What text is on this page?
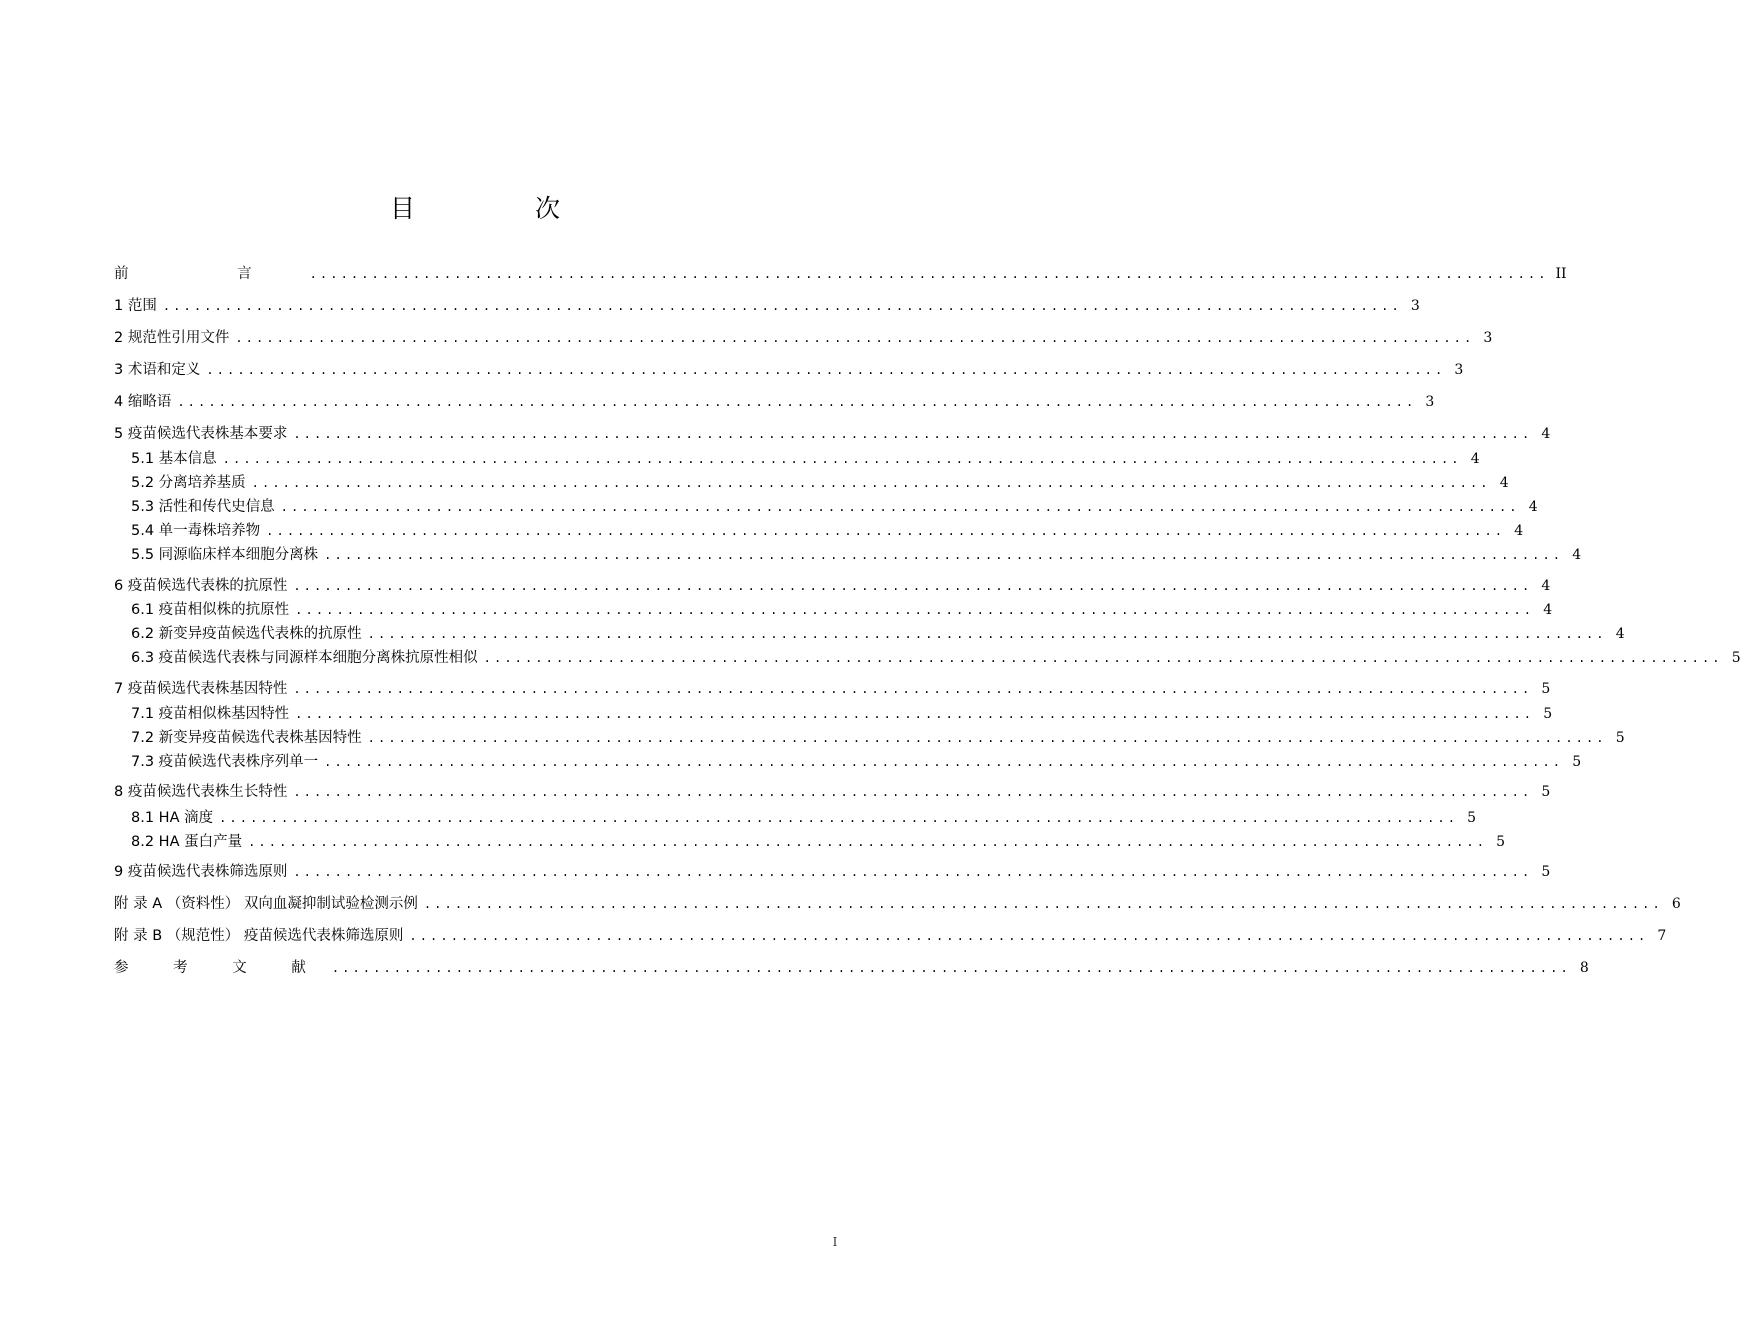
目 次
前 言 ........................................................................................................................ II
1 范围 ........................................................................................................................ 3
2 规范性引用文件 ........................................................................................................................ 3
3 术语和定义 ........................................................................................................................ 3
4 缩略语 ........................................................................................................................ 3
5 疫苗候选代表株基本要求 ........................................................................................................................ 4
5.1 基本信息 ........................................................................................................................ 4
5.2 分离培养基质 ........................................................................................................................ 4
5.3 活性和传代史信息 ........................................................................................................................ 4
5.4 单一毒株培养物 ........................................................................................................................ 4
5.5 同源临床样本细胞分离株 ........................................................................................................................ 4
6 疫苗候选代表株的抗原性 ........................................................................................................................ 4
6.1 疫苗相似株的抗原性 ........................................................................................................................ 4
6.2 新变异疫苗候选代表株的抗原性 ........................................................................................................................ 4
6.3 疫苗候选代表株与同源样本细胞分离株抗原性相似 ........................................................................................................................ 5
7 疫苗候选代表株基因特性 ........................................................................................................................ 5
7.1 疫苗相似株基因特性 ........................................................................................................................ 5
7.2 新变异疫苗候选代表株基因特性 ........................................................................................................................ 5
7.3 疫苗候选代表株序列单一 ........................................................................................................................ 5
8 疫苗候选代表株生长特性 ........................................................................................................................ 5
8.1 HA 滴度 ........................................................................................................................ 5
8.2 HA 蛋白产量 ........................................................................................................................ 5
9 疫苗候选代表株筛选原则 ........................................................................................................................ 5
附 录 A （资料性） 双向血凝抑制试验检测示例 ........................................................................................................................ 6
附 录 B （规范性） 疫苗候选代表株筛选原则 ........................................................................................................................ 7
参 考 文 献 ........................................................................................................................ 8
I
